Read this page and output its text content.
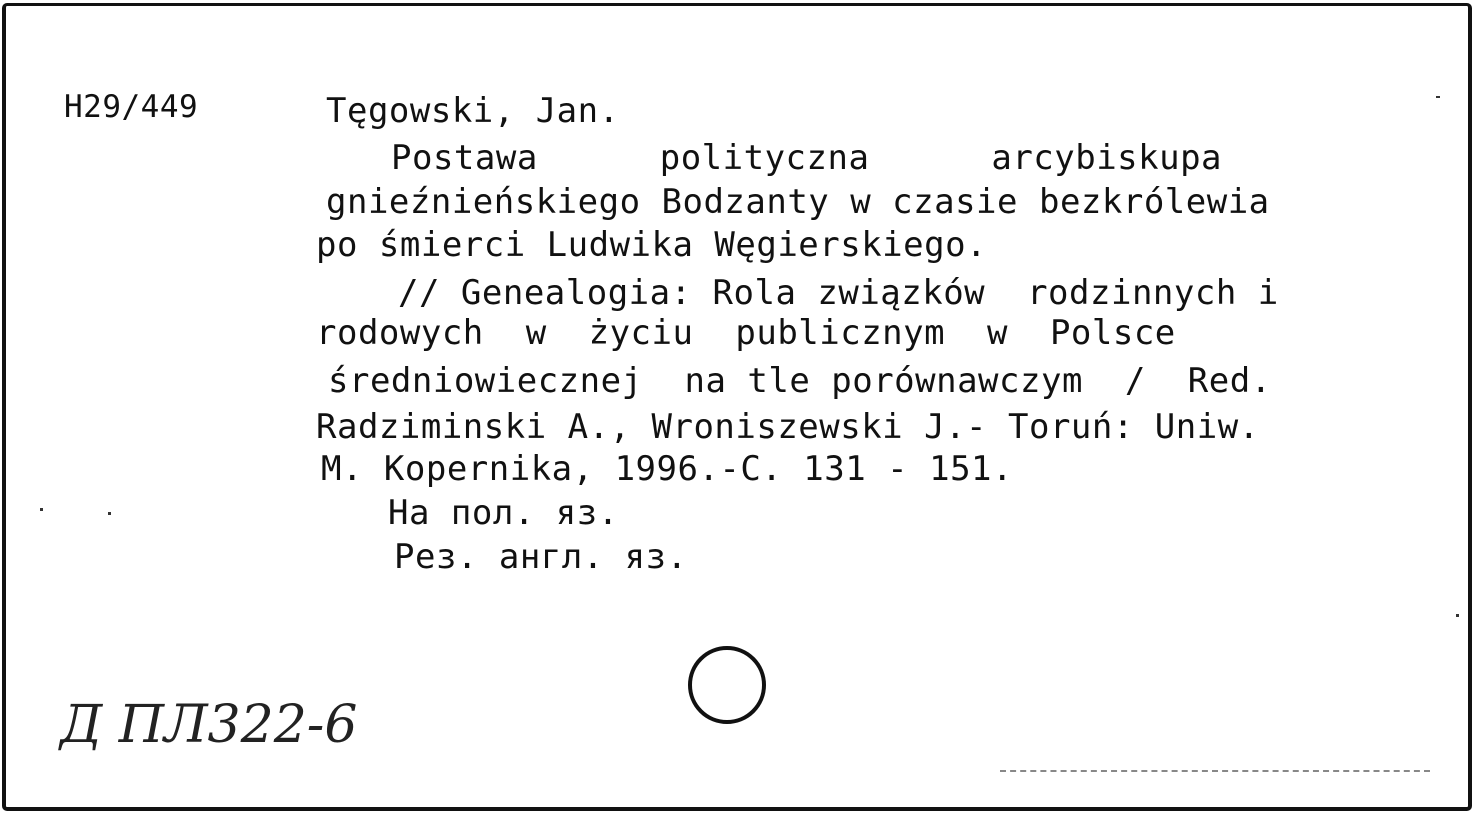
H29/449	Tęgowski, Jan.
Postawa  polityczna  arcybiskupa
gnieźnieńskiego Bodzanty w czasie bezkrólewia
po śmierci Ludwika Węgierskiego.
// Genealogia: Rola związków  rodzinnych i
rodowych  w  życiu  publicznym  w  Polsce
średniowiecznej  na tle porównawczym  /  Red.
Radziminski A., Wroniszewski J.- Toruń: Uniw.
M. Kopernika, 1996.-C. 131 - 151.
На пол. яз.
Рез. англ. яз.
Д ПЛ322-6
